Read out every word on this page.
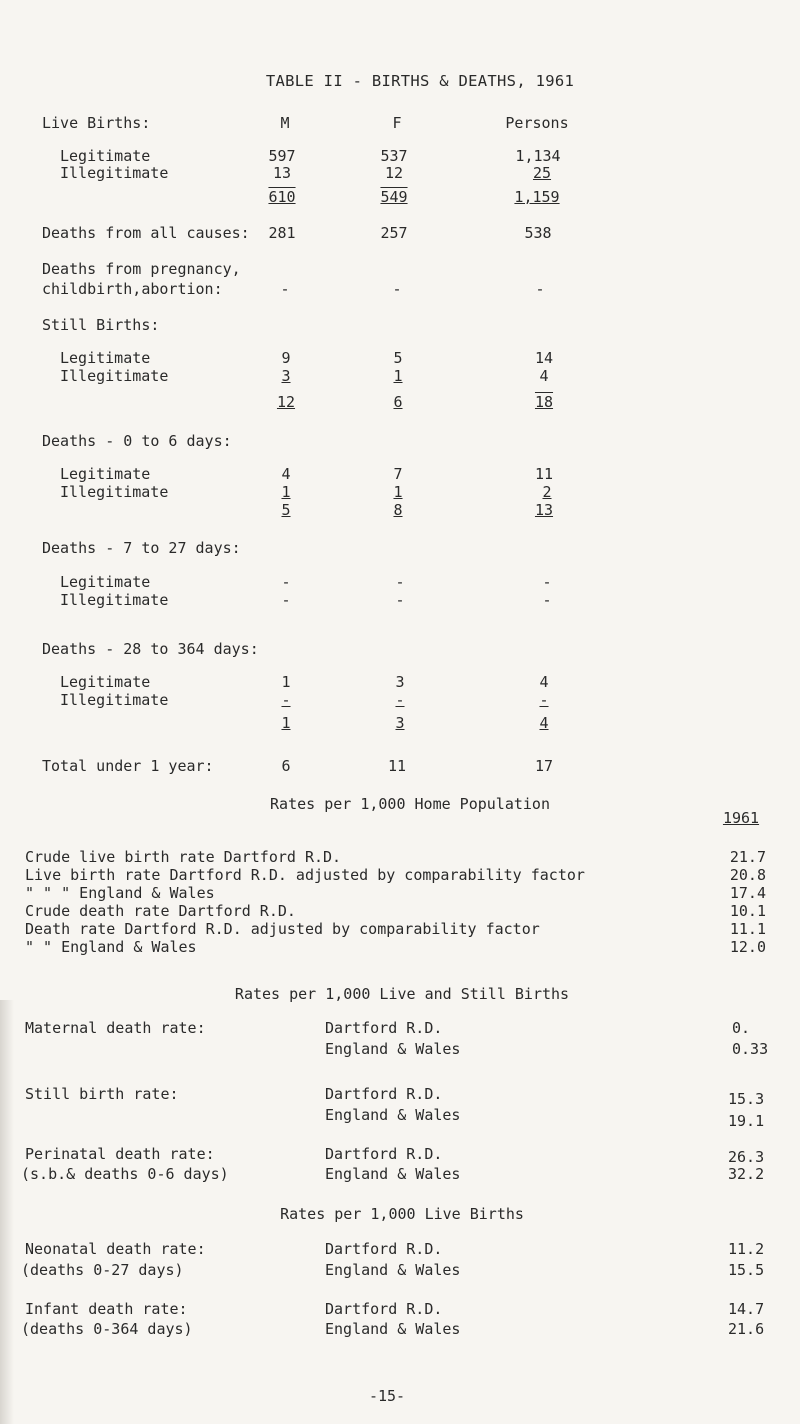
TABLE II - BIRTHS & DEATHS, 1961
Live Births:	M	F	Persons
Legitimate	597	537	1,134
Illegitimate	13	12	25
610	549	1,159
Deaths from all causes: 281	257	538
Deaths from pregnancy,
childbirth,abortion:	-	-	-
Still Births:
Legitimate	9	5	14
Illegitimate	3	1	4
12	6	18
Deaths - 0 to 6 days:
Legitimate	4	7	11
Illegitimate	1	1	2
5	8	13
Deaths - 7 to 27 days:
Legitimate	-	-	-
Illegitimate	-	-	-
Deaths - 28 to 364 days:
Legitimate	1	3	4
Illegitimate	-	-	-
1	3	4
Total under 1 year:	6	11	17
Rates per 1,000 Home Population
1961
Crude live birth rate Dartford R.D.	21.7
Live birth rate Dartford R.D. adjusted by comparability factor	20.8
" " " England & Wales	17.4
Crude death rate Dartford R.D.	10.1
Death rate Dartford R.D. adjusted by comparability factor	11.1
" " England & Wales	12.0
Rates per 1,000 Live and Still Births
Maternal death rate:	Dartford R.D.	0.
England & Wales	0.33
Still birth rate:	Dartford R.D.	15.3
England & Wales	19.1
Perinatal death rate:
(s.b.& deaths 0-6 days)
Dartford R.D.	26.3
England & Wales	32.2
Rates per 1,000 Live Births
Neonatal death rate:
(deaths 0-27 days)
Dartford R.D.	11.2
England & Wales	15.5
Infant death rate:
(deaths 0-364 days)
Dartford R.D.	14.7
England & Wales	21.6
-15-
